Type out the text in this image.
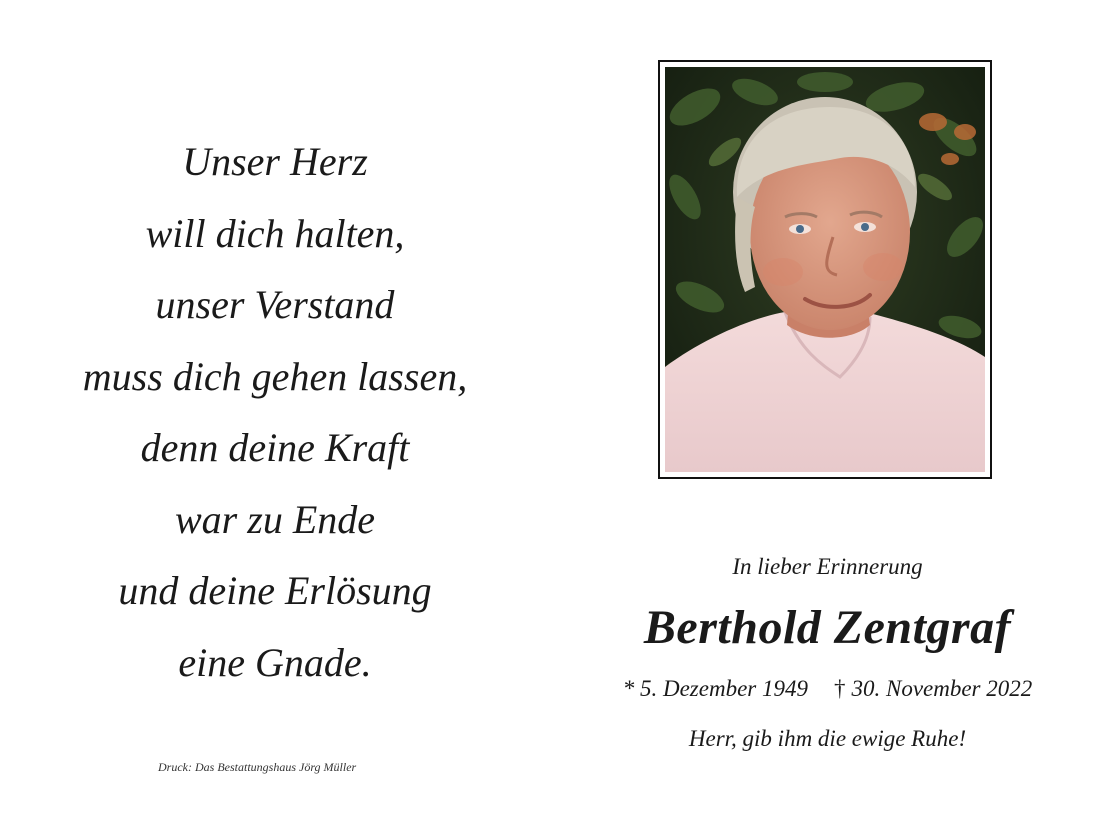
Unser Herz
will dich halten,
unser Verstand
muss dich gehen lassen,
denn deine Kraft
war zu Ende
und deine Erlösung
eine Gnade.
Druck: Das Bestattungshaus Jörg Müller
In lieber Erinnerung
Berthold Zentgraf
* 5. Dezember 1949 † 30. November 2022
Herr, gib ihm die ewige Ruhe!
